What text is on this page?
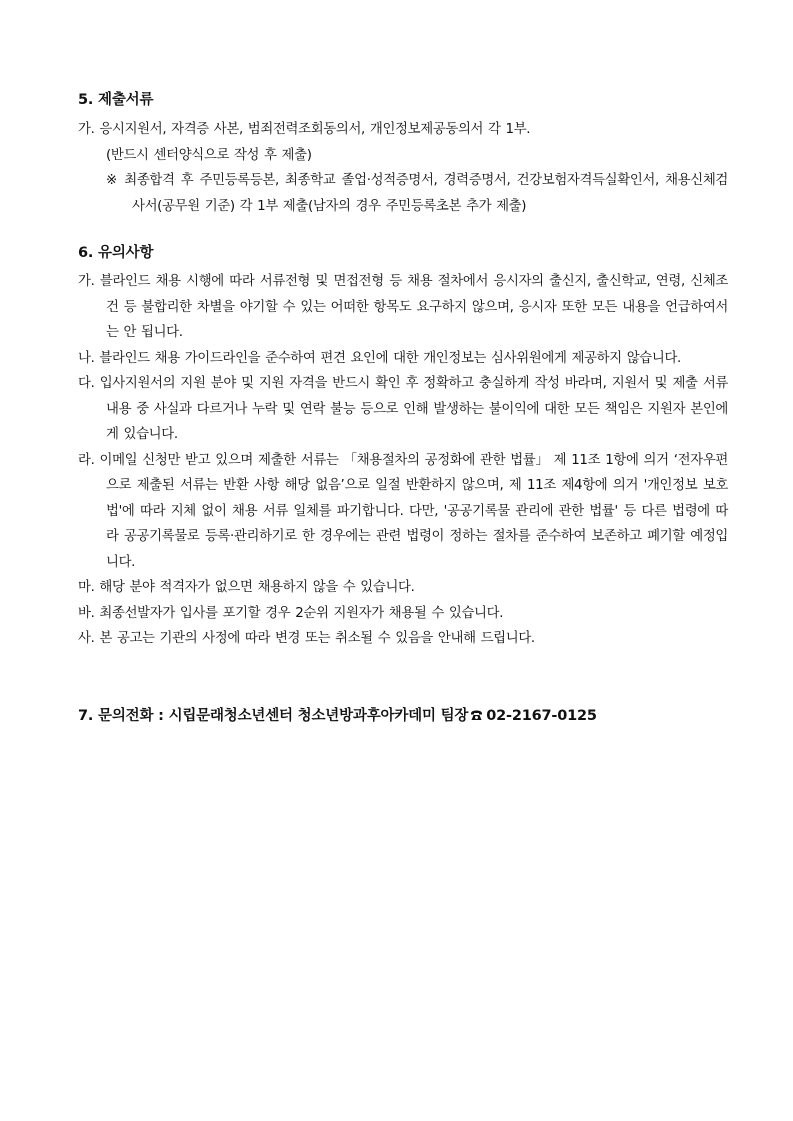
5. 제출서류
가. 응시지원서, 자격증 사본, 범죄전력조회동의서, 개인정보제공동의서 각 1부.
(반드시 센터양식으로 작성 후 제출)
※ 최종합격 후 주민등록등본, 최종학교 졸업·성적증명서, 경력증명서, 건강보험자격득실확인서, 채용신체검사서(공무원 기준) 각 1부 제출(남자의 경우 주민등록초본 추가 제출)
6. 유의사항
가. 블라인드 채용 시행에 따라 서류전형 및 면접전형 등 채용 절차에서 응시자의 출신지, 출신학교, 연령, 신체조건 등 불합리한 차별을 야기할 수 있는 어떠한 항목도 요구하지 않으며, 응시자 또한 모든 내용을 언급하여서는 안 됩니다.
나. 블라인드 채용 가이드라인을 준수하여 편견 요인에 대한 개인정보는 심사위원에게 제공하지 않습니다.
다. 입사지원서의 지원 분야 및 지원 자격을 반드시 확인 후 정확하고 충실하게 작성 바라며, 지원서 및 제출 서류 내용 중 사실과 다르거나 누락 및 연락 불능 등으로 인해 발생하는 불이익에 대한 모든 책임은 지원자 본인에게 있습니다.
라. 이메일 신청만 받고 있으며 제출한 서류는 「채용절차의 공정화에 관한 법률」 제 11조 1항에 의거 ‘전자우편으로 제출된 서류는 반환 사항 해당 없음’으로 일절 반환하지 않으며, 제 11조 제4항에 의거 '개인정보 보호법'에 따라 지체 없이 채용 서류 일체를 파기합니다. 다만, '공공기록물 관리에 관한 법률' 등 다른 법령에 따라 공공기록물로 등록·관리하기로 한 경우에는 관련 법령이 정하는 절차를 준수하여 보존하고 폐기할 예정입니다.
마. 해당 분야 적격자가 없으면 채용하지 않을 수 있습니다.
바. 최종선발자가 입사를 포기할 경우 2순위 지원자가 채용될 수 있습니다.
사. 본 공고는 기관의 사정에 따라 변경 또는 취소될 수 있음을 안내해 드립니다.
7. 문의전화 : 시립문래청소년센터 청소년방과후아카데미 팀장 02-2167-0125
